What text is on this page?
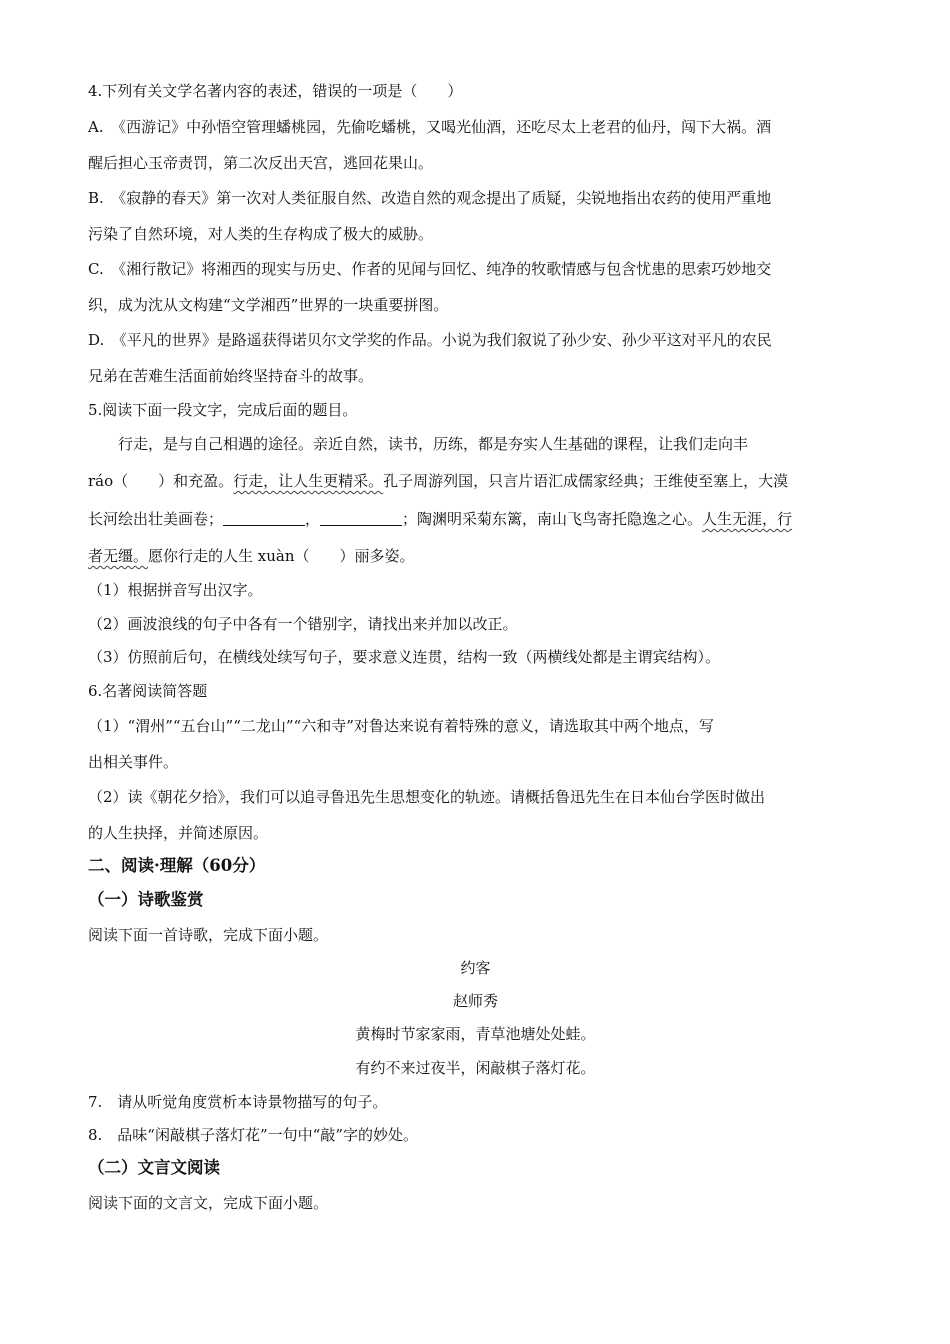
4.下列有关文学名著内容的表述，错误的一项是（　　）
A.　《西游记》中孙悟空管理蟠桃园，先偷吃蟠桃，又喝光仙酒，还吃尽太上老君的仙丹，闯下大祸。酒
醒后担心玉帝责罚，第二次反出天宫，逃回花果山。
B.　《寂静的春天》第一次对人类征服自然、改造自然的观念提出了质疑，尖锐地指出农药的使用严重地
污染了自然环境，对人类的生存构成了极大的威胁。
C.　《湘行散记》将湘西的现实与历史、作者的见闻与回忆、纯净的牧歌情感与包含忧患的思索巧妙地交
织，成为沈从文构建“文学湘西”世界的一块重要拼图。
D.　《平凡的世界》是路遥获得诺贝尔文学奖的作品。小说为我们叙说了孙少安、孙少平这对平凡的农民
兄弟在苦难生活面前始终坚持奋斗的故事。
5.阅读下面一段文字，完成后面的题目。
行走，是与自己相遇的途径。亲近自然，读书，历练，都是夯实人生基础的课程，让我们走向丰
ráo（　　）和充盈。行走，让人生更精采。孔子周游列国，只言片语汇成儒家经典；王维使至塞上，大漠
长河绘出壮美画卷；	，	；陶渊明采菊东篱，南山飞鸟寄托隐逸之心。人生无涯，行
者无缰。愿你行走的人生 xuàn（　　）丽多姿。
（1）根据拼音写出汉字。
（2）画波浪线的句子中各有一个错别字，请找出来并加以改正。
（3）仿照前后句，在横线处续写句子，要求意义连贯，结构一致（两横线处都是主谓宾结构）。
6.名著阅读简答题
（1）“渭州”“五台山”“二龙山”“六和寺”对鲁达来说有着特殊的意义，请选取其中两个地点，写
出相关事件。
（2）读《朝花夕拾》，我们可以追寻鲁迅先生思想变化的轨迹。请概括鲁迅先生在日本仙台学医时做出
的人生抉择，并简述原因。
二、阅读·理解（60分）
（一）诗歌鉴赏
阅读下面一首诗歌，完成下面小题。
约客
赵师秀
黄梅时节家家雨，青草池塘处处蛙。
有约不来过夜半，闲敲棋子落灯花。
7.　请从听觉角度赏析本诗景物描写的句子。
8.　品味“闲敲棋子落灯花”一句中“敲”字的妙处。
（二）文言文阅读
阅读下面的文言文，完成下面小题。
